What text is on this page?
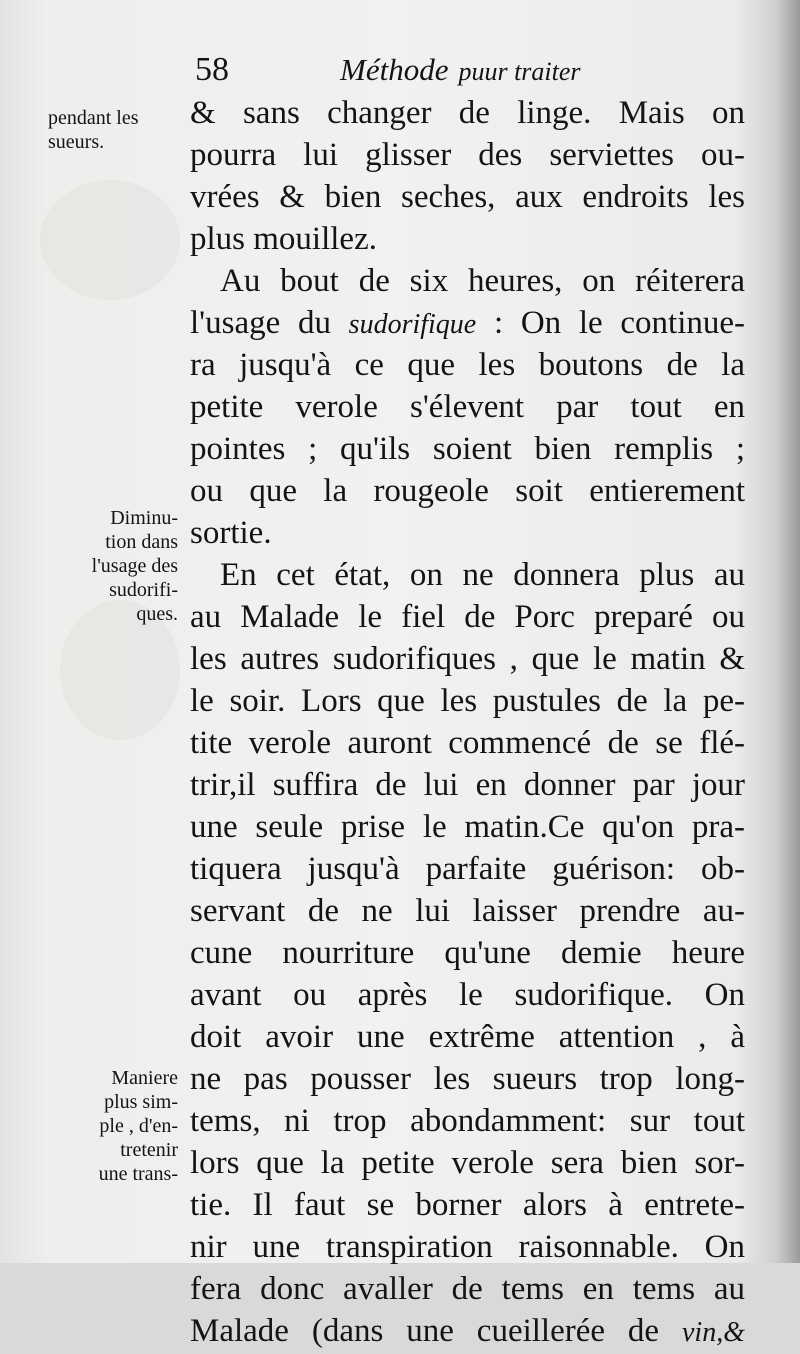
58	Méthode puur traiter
pendant les
sueurs.
Diminu-
tion dans
l'usage des
sudorifi-
ques.
Maniere
plus sim-
ple , d'en-
tretenir
une trans-
& sans changer de linge. Mais on
pourra lui glisser des serviettes ou-
vrées & bien seches, aux endroits les
plus mouillez.
Au bout de six heures, on réiterera
l'usage du sudorifique : On le continue-
ra jusqu'à ce que les boutons de la
petite verole s'élevent par tout en
pointes ; qu'ils soient bien remplis ;
ou que la rougeole soit entierement
sortie.
En cet état, on ne donnera plus au
au Malade le fiel de Porc preparé ou
les autres sudorifiques , que le matin &
le soir. Lors que les pustules de la pe-
tite verole auront commencé de se flé-
trir,il suffira de lui en donner par jour
une seule prise le matin.Ce qu'on pra-
tiquera jusqu'à parfaite guérison: ob-
servant de ne lui laisser prendre au-
cune nourriture qu'une demie heure
avant ou après le sudorifique. On
doit avoir une extrême attention , à
ne pas pousser les sueurs trop long-
tems, ni trop abondamment: sur tout
lors que la petite verole sera bien sor-
tie. Il faut se borner alors à entrete-
nir une transpiration raisonnable. On
fera donc avaller de tems en tems au
Malade (dans une cueillerée de vin,&
